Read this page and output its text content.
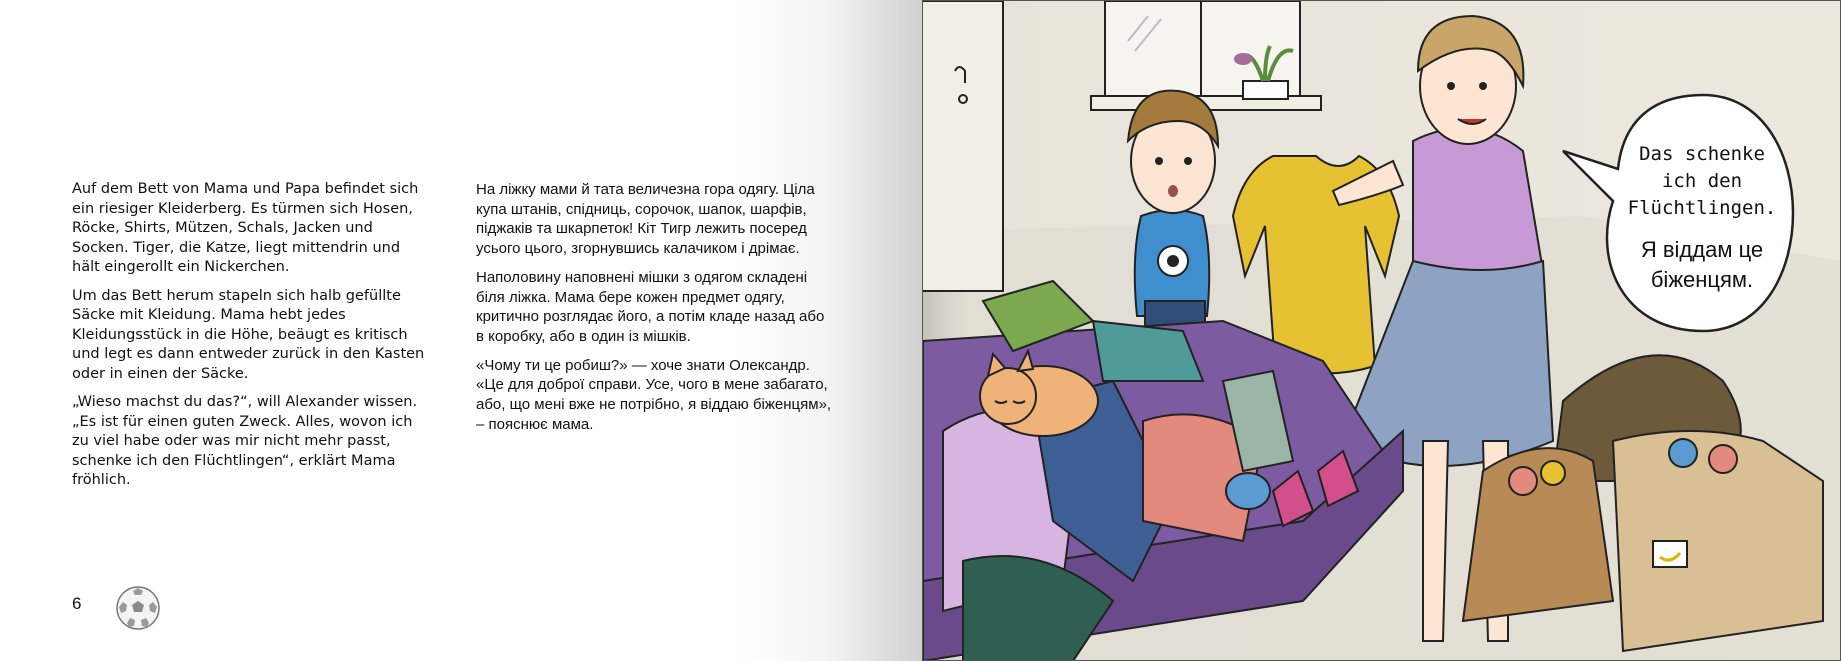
Auf dem Bett von Mama und Papa befindet sich ein riesiger Kleiderberg. Es türmen sich Hosen, Röcke, Shirts, Mützen, Schals, Jacken und Socken. Tiger, die Katze, liegt mittendrin und hält eingerollt ein Nickerchen.

Um das Bett herum stapeln sich halb gefüllte Säcke mit Kleidung. Mama hebt jedes Kleidungsstück in die Höhe, beäugt es kritisch und legt es dann entweder zurück in den Kasten oder in einen der Säcke.

„Wieso machst du das?“, will Alexander wissen. „Es ist für einen guten Zweck. Alles, wovon ich zu viel habe oder was mir nicht mehr passt, schenke ich den Flüchtlingen“, erklärt Mama fröhlich.

На ліжку мами й тата величезна гора одягу. Ціла купа штанів, спідниць, сорочок, шапок, шарфів, піджаків та шкарпеток! Кіт Тигр лежить посеред усього цього, згорнувшись калачиком і дрімає.

Наполовину наповнені мішки з одягом складені біля ліжка. Мама бере кожен предмет одягу, критично розглядає його, а потім кладе назад або в коробку, або в один із мішків.

«Чому ти це робиш?» — хоче знати Олександр. «Це для доброї справи. Усе, чого в мене забагато, або, що мені вже не потрібно, я віддаю біженцям», – пояснює мама.

6
Das schenke
ich den
Flüchtlingen.
Я віддам це
біженцям.
